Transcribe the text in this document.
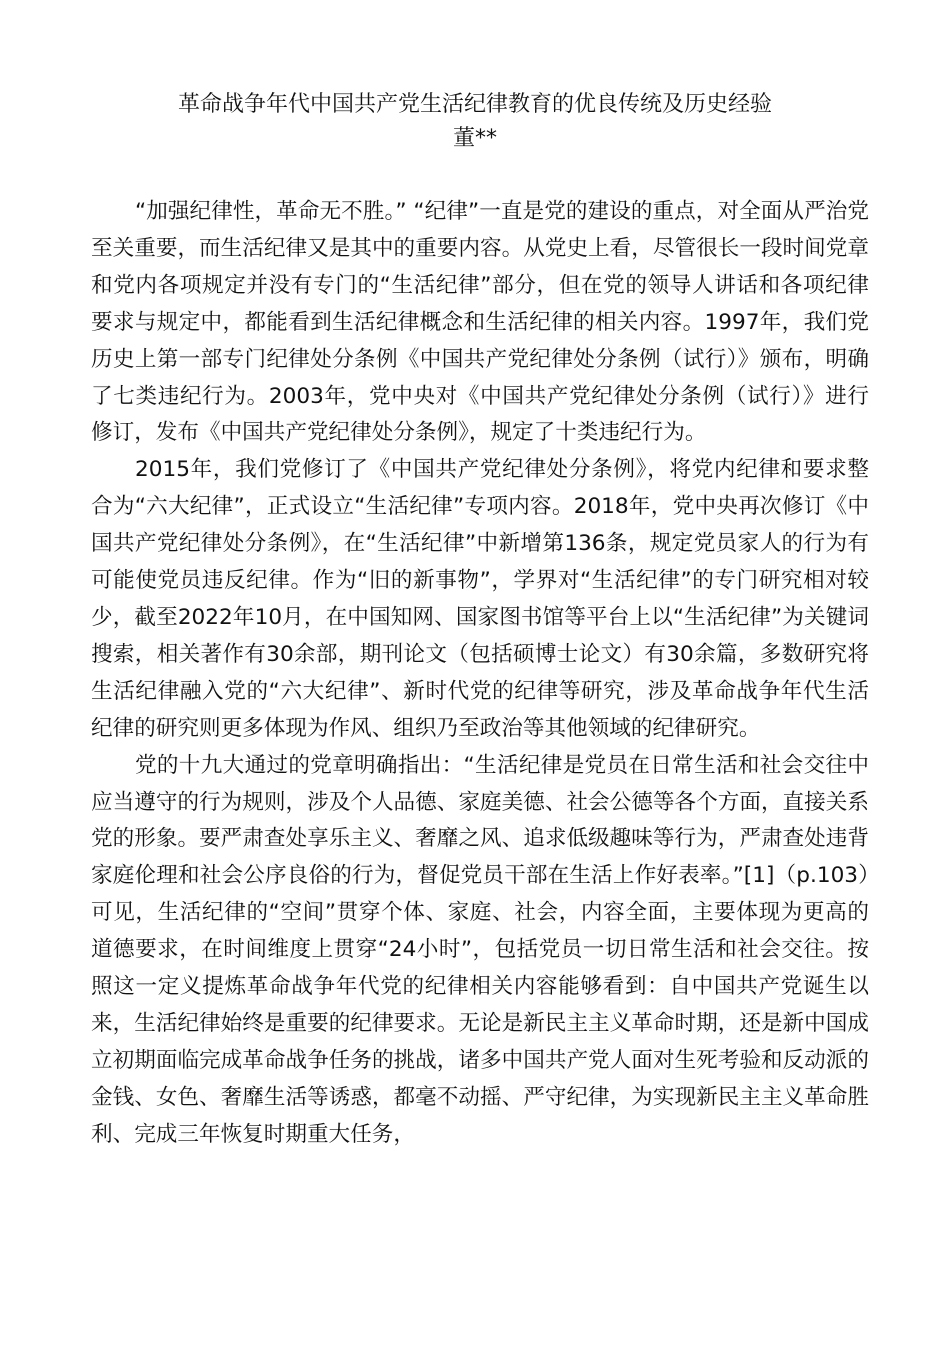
革命战争年代中国共产党生活纪律教育的优良传统及历史经验
董**

“加强纪律性，革命无不胜。” “纪律”一直是党的建设的重点，对全面从严治党至关重要，而生活纪律又是其中的重要内容。从党史上看，尽管很长一段时间党章和党内各项规定并没有专门的“生活纪律”部分，但在党的领导人讲话和各项纪律要求与规定中，都能看到生活纪律概念和生活纪律的相关内容。1997年，我们党历史上第一部专门纪律处分条例《中国共产党纪律处分条例（试行）》颁布，明确了七类违纪行为。2003年，党中央对《中国共产党纪律处分条例（试行）》进行修订，发布《中国共产党纪律处分条例》，规定了十类违纪行为。

2015年，我们党修订了《中国共产党纪律处分条例》，将党内纪律和要求整合为“六大纪律”，正式设立“生活纪律”专项内容。2018年，党中央再次修订《中国共产党纪律处分条例》，在“生活纪律”中新增第136条，规定党员家人的行为有可能使党员违反纪律。作为“旧的新事物”，学界对“生活纪律”的专门研究相对较少，截至2022年10月，在中国知网、国家图书馆等平台上以“生活纪律”为关键词搜索，相关著作有30余部，期刊论文（包括硕博士论文）有30余篇，多数研究将生活纪律融入党的“六大纪律”、新时代党的纪律等研究，涉及革命战争年代生活纪律的研究则更多体现为作风、组织乃至政治等其他领域的纪律研究。

党的十九大通过的党章明确指出：“生活纪律是党员在日常生活和社会交往中应当遵守的行为规则，涉及个人品德、家庭美德、社会公德等各个方面，直接关系党的形象。要严肃查处享乐主义、奢靡之风、追求低级趣味等行为，严肃查处违背家庭伦理和社会公序良俗的行为，督促党员干部在生活上作好表率。”[1]（p.103）可见，生活纪律的“空间”贯穿个体、家庭、社会，内容全面，主要体现为更高的道德要求，在时间维度上贯穿“24小时”，包括党员一切日常生活和社会交往。按照这一定义提炼革命战争年代党的纪律相关内容能够看到：自中国共产党诞生以来，生活纪律始终是重要的纪律要求。无论是新民主主义革命时期，还是新中国成立初期面临完成革命战争任务的挑战，诸多中国共产党人面对生死考验和反动派的金钱、女色、奢靡生活等诱惑，都毫不动摇、严守纪律，为实现新民主主义革命胜利、完成三年恢复时期重大任务，
